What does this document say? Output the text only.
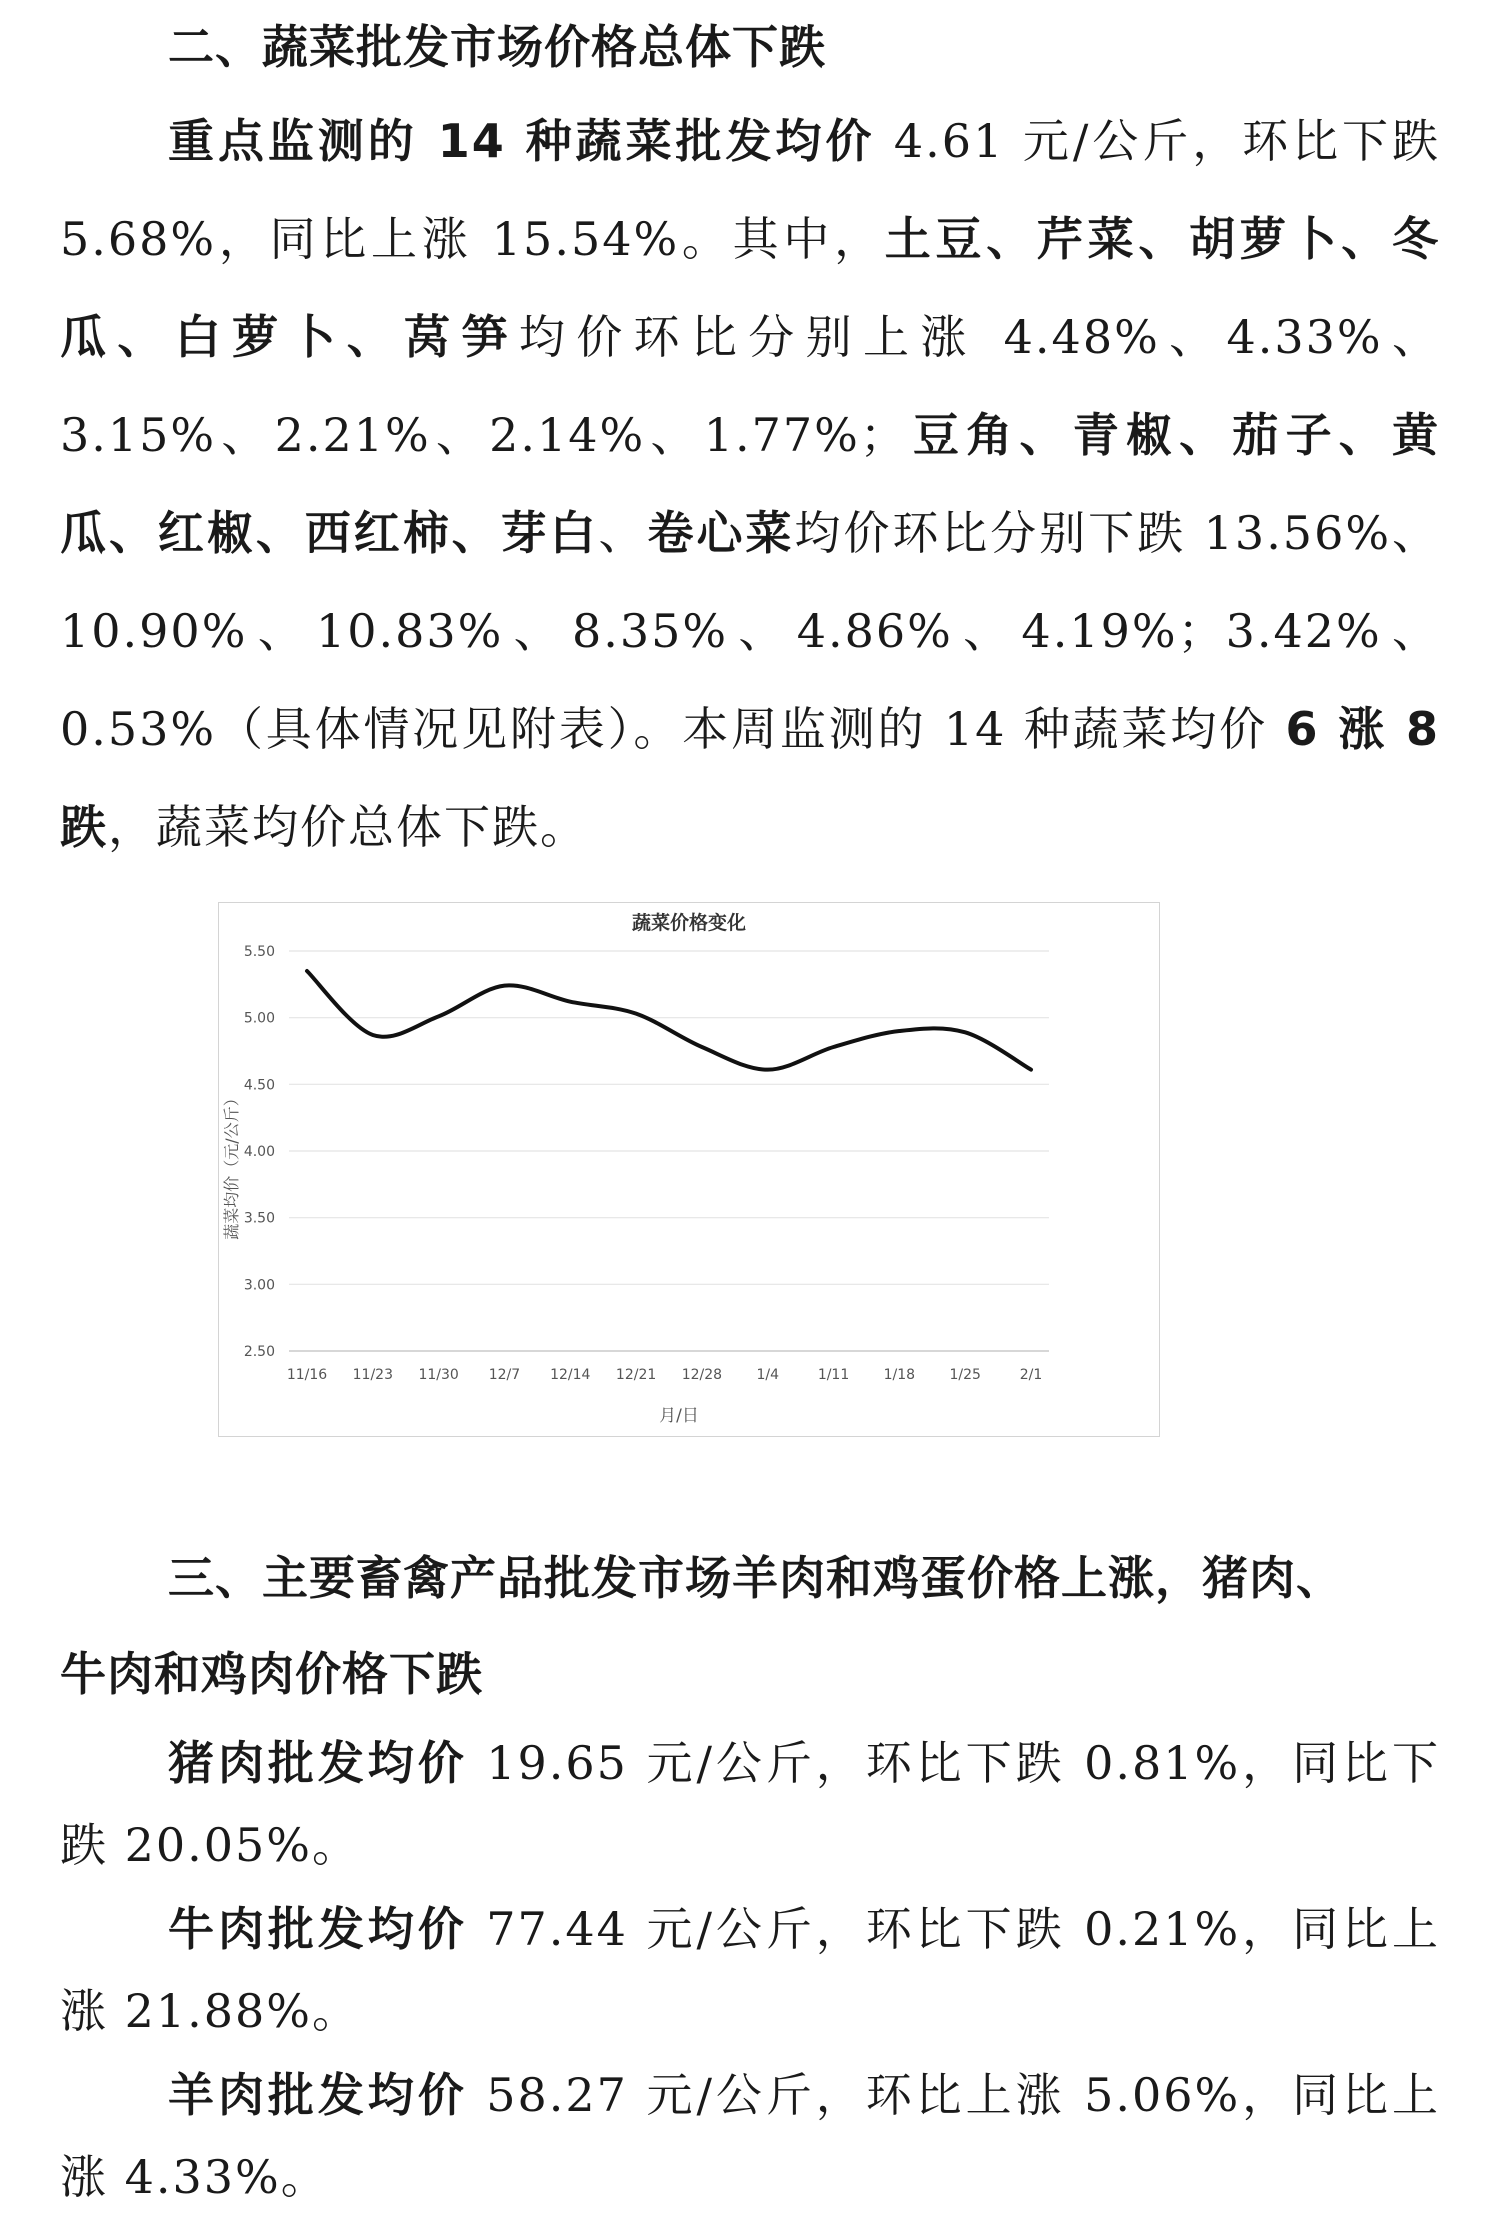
二、蔬菜批发市场价格总体下跌

重点监测的 14 种蔬菜批发均价 4.61 元/公斤，环比下跌 5.68%，同比上涨 15.54%。其中，土豆、芹菜、胡萝卜、冬瓜、白萝卜、莴笋均价环比分别上涨 4.48%、4.33%、3.15%、2.21%、2.14%、1.77%；豆角、青椒、茄子、黄瓜、红椒、西红柿、芽白、卷心菜均价环比分别下跌 13.56%、10.90%、10.83%、8.35%、4.86%、4.19%；3.42%、0.53%（具体情况见附表）。本周监测的 14 种蔬菜均价 6 涨 8 跌，蔬菜均价总体下跌。

蔬菜价格变化
5.50
5.00
4.50
4.00
3.50
3.00
2.50
11/16 11/23 11/30 12/7 12/14 12/21 12/28 1/4	1/11 1/18 1/25	2/1
蔬菜均价（元/公斤）
月/日
三、主要畜禽产品批发市场羊肉和鸡蛋价格上涨，猪肉、
牛肉和鸡肉价格下跌

猪肉批发均价 19.65 元/公斤，环比下跌 0.81%，同比下跌 20.05%。

牛肉批发均价 77.44 元/公斤，环比下跌 0.21%，同比上涨 21.88%。

羊肉批发均价 58.27 元/公斤，环比上涨 5.06%，同比上涨 4.33%。
